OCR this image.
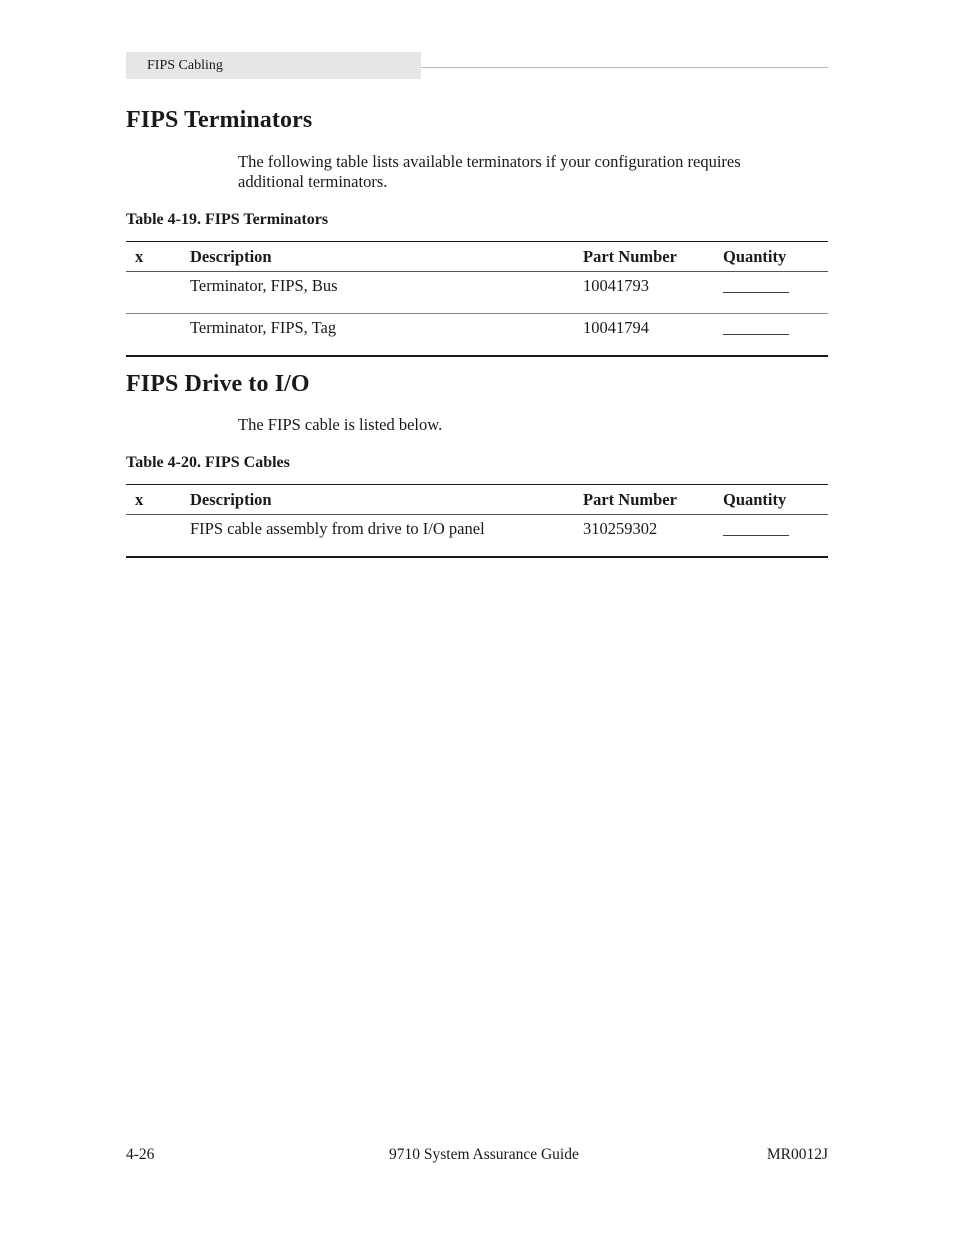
FIPS Cabling
FIPS Terminators

The following table lists available terminators if your configuration requires additional terminators.

Table 4-19. FIPS Terminators

x	Description	Part Number	Quantity
	Terminator, FIPS, Bus	10041793	________
	Terminator, FIPS, Tag	10041794	________
FIPS Drive to I/O

The FIPS cable is listed below.

Table 4-20. FIPS Cables

x	Description	Part Number	Quantity
	FIPS cable assembly from drive to I/O panel	310259302	________
4-26	9710 System Assurance Guide	MR0012J
